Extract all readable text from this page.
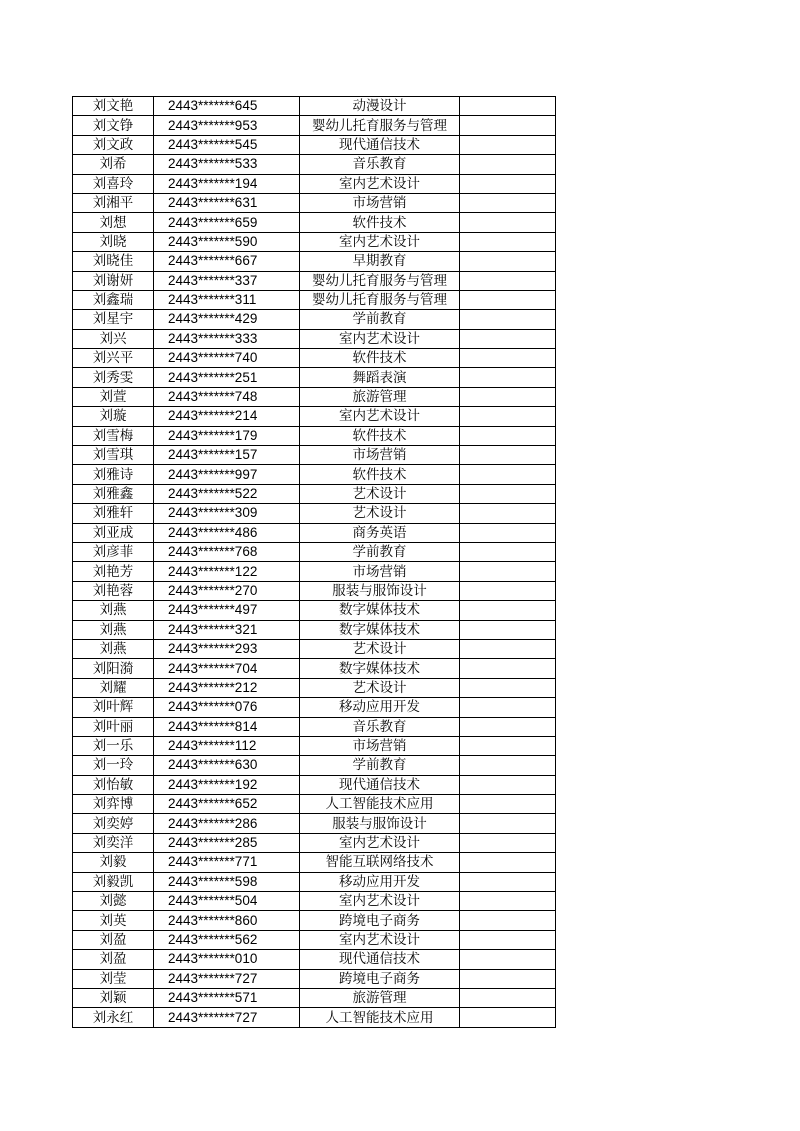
刘文艳	2443*******645	动漫设计	
刘文铮	2443*******953	婴幼儿托育服务与管理	
刘文政	2443*******545	现代通信技术	
刘希	2443*******533	音乐教育	
刘喜玲	2443*******194	室内艺术设计	
刘湘平	2443*******631	市场营销	
刘想	2443*******659	软件技术	
刘晓	2443*******590	室内艺术设计	
刘晓佳	2443*******667	早期教育	
刘谢妍	2443*******337	婴幼儿托育服务与管理	
刘鑫瑞	2443*******311	婴幼儿托育服务与管理	
刘星宇	2443*******429	学前教育	
刘兴	2443*******333	室内艺术设计	
刘兴平	2443*******740	软件技术	
刘秀雯	2443*******251	舞蹈表演	
刘萱	2443*******748	旅游管理	
刘璇	2443*******214	室内艺术设计	
刘雪梅	2443*******179	软件技术	
刘雪琪	2443*******157	市场营销	
刘雅诗	2443*******997	软件技术	
刘雅鑫	2443*******522	艺术设计	
刘雅轩	2443*******309	艺术设计	
刘亚成	2443*******486	商务英语	
刘彦菲	2443*******768	学前教育	
刘艳芳	2443*******122	市场营销	
刘艳蓉	2443*******270	服装与服饰设计	
刘燕	2443*******497	数字媒体技术	
刘燕	2443*******321	数字媒体技术	
刘燕	2443*******293	艺术设计	
刘阳漪	2443*******704	数字媒体技术	
刘耀	2443*******212	艺术设计	
刘叶辉	2443*******076	移动应用开发	
刘叶丽	2443*******814	音乐教育	
刘一乐	2443*******112	市场营销	
刘一玲	2443*******630	学前教育	
刘怡敏	2443*******192	现代通信技术	
刘弈博	2443*******652	人工智能技术应用	
刘奕婷	2443*******286	服装与服饰设计	
刘奕洋	2443*******285	室内艺术设计	
刘毅	2443*******771	智能互联网络技术	
刘毅凯	2443*******598	移动应用开发	
刘懿	2443*******504	室内艺术设计	
刘英	2443*******860	跨境电子商务	
刘盈	2443*******562	室内艺术设计	
刘盈	2443*******010	现代通信技术	
刘莹	2443*******727	跨境电子商务	
刘颖	2443*******571	旅游管理	
刘永红	2443*******727	人工智能技术应用	
